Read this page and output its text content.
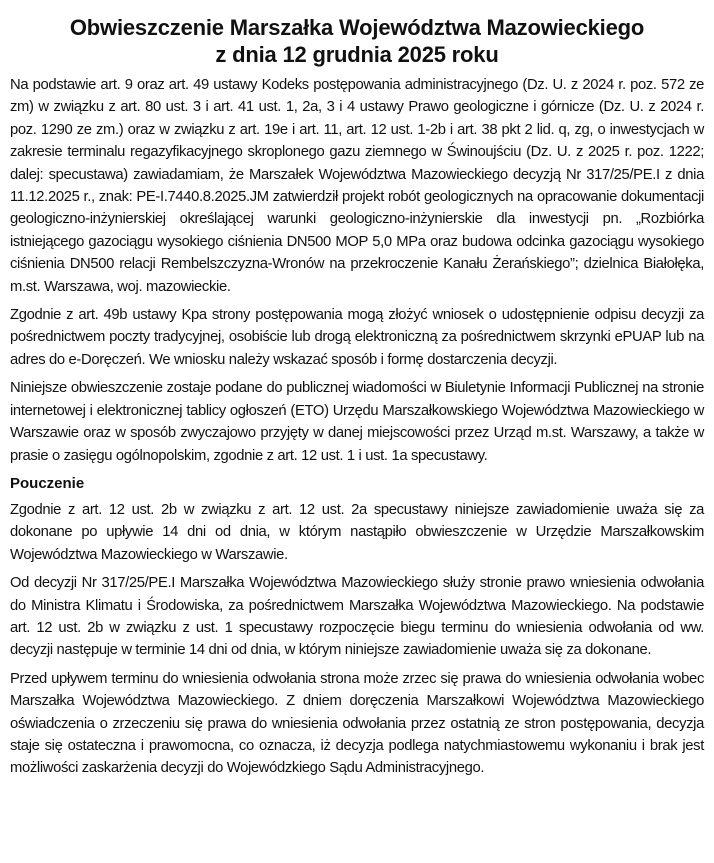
Obwieszczenie Marszałka Województwa Mazowieckiego
z dnia 12 grudnia 2025 roku

Na podstawie art. 9 oraz art. 49 ustawy Kodeks postępowania administracyjnego (Dz. U. z 2024 r. poz. 572 ze zm) w związku z art. 80 ust. 3 i art. 41 ust. 1, 2a, 3 i 4 ustawy Prawo geologiczne i górnicze (Dz. U. z 2024 r. poz. 1290 ze zm.) oraz w związku z art. 19e i art. 11, art. 12 ust. 1-2b i art. 38 pkt 2 lid. q, zg, o inwestycjach w zakresie terminalu regazyfikacyjnego skroplonego gazu ziemnego w Świnoujściu (Dz. U. z 2025 r. poz. 1222; dalej: specustawa) zawiadamiam, że Marszałek Województwa Mazowieckiego decyzją Nr 317/25/PE.I z dnia 11.12.2025 r., znak: PE-I.7440.8.2025.JM zatwierdził projekt robót geologicznych na opracowanie dokumentacji geologiczno-inżynierskiej określającej warunki geologiczno-inżynierskie dla inwestycji pn. „Rozbiórka istniejącego gazociągu wysokiego ciśnienia DN500 MOP 5,0 MPa oraz budowa odcinka gazociągu wysokiego ciśnienia DN500 relacji Rembelszczyzna-Wronów na przekroczenie Kanału Żerańskiego”; dzielnica Białołęka, m.st. Warszawa, woj. mazowieckie.

Zgodnie z art. 49b ustawy Kpa strony postępowania mogą złożyć wniosek o udostępnienie odpisu decyzji za pośrednictwem poczty tradycyjnej, osobiście lub drogą elektroniczną za pośrednictwem skrzynki ePUAP lub na adres do e-Doręczeń. We wniosku należy wskazać sposób i formę dostarczenia decyzji.

Niniejsze obwieszczenie zostaje podane do publicznej wiadomości w Biuletynie Informacji Publicznej na stronie internetowej i elektronicznej tablicy ogłoszeń (ETO) Urzędu Marszałkowskiego Województwa Mazowieckiego w Warszawie oraz w sposób zwyczajowo przyjęty w danej miejscowości przez Urząd m.st. Warszawy, a także w prasie o zasięgu ogólnopolskim, zgodnie z art. 12 ust. 1 i ust. 1a specustawy.

Pouczenie

Zgodnie z art. 12 ust. 2b w związku z art. 12 ust. 2a specustawy niniejsze zawiadomienie uważa się za dokonane po upływie 14 dni od dnia, w którym nastąpiło obwieszczenie w Urzędzie Marszałkowskim Województwa Mazowieckiego w Warszawie.

Od decyzji Nr 317/25/PE.I Marszałka Województwa Mazowieckiego służy stronie prawo wniesienia odwołania do Ministra Klimatu i Środowiska, za pośrednictwem Marszałka Województwa Mazowieckiego. Na podstawie art. 12 ust. 2b w związku z ust. 1 specustawy rozpoczęcie biegu terminu do wniesienia odwołania od ww. decyzji następuje w terminie 14 dni od dnia, w którym niniejsze zawiadomienie uważa się za dokonane.

Przed upływem terminu do wniesienia odwołania strona może zrzec się prawa do wniesienia odwołania wobec Marszałka Województwa Mazowieckiego. Z dniem doręczenia Marszałkowi Województwa Mazowieckiego oświadczenia o zrzeczeniu się prawa do wniesienia odwołania przez ostatnią ze stron postępowania, decyzja staje się ostateczna i prawomocna, co oznacza, iż decyzja podlega natychmiastowemu wykonaniu i brak jest możliwości zaskarżenia decyzji do Wojewódzkiego Sądu Administracyjnego.
